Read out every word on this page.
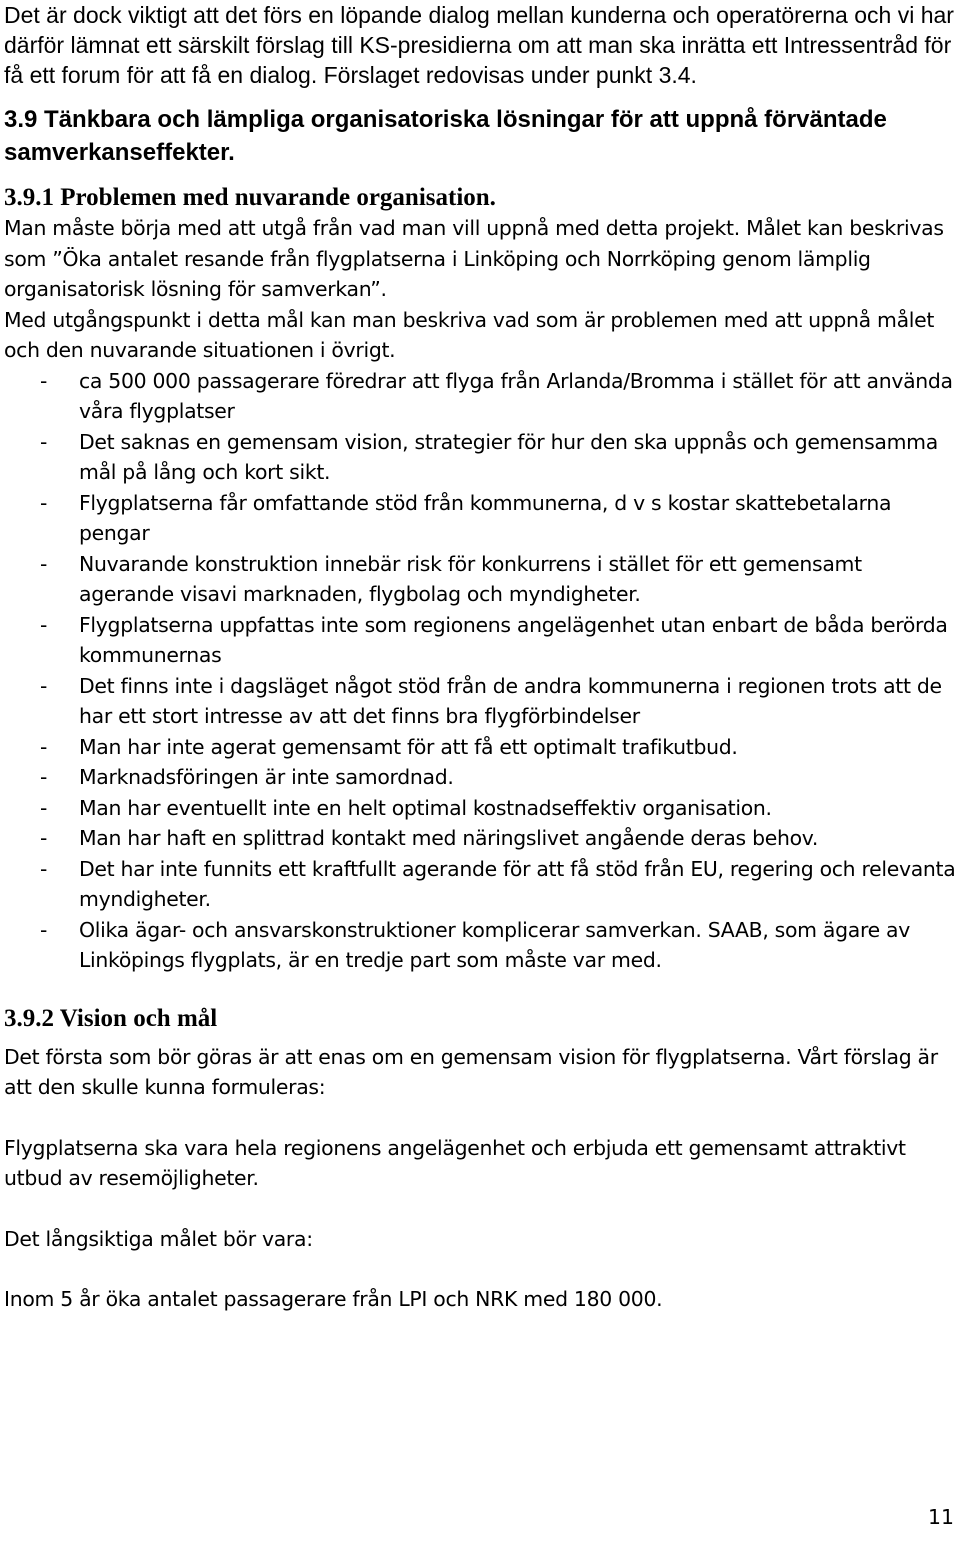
Det är dock viktigt att det förs en löpande dialog mellan kunderna och operatörerna och vi har därför lämnat ett särskilt förslag till KS-presidierna om att man ska inrätta ett Intressentråd för få ett forum för att få en dialog. Förslaget redovisas under punkt 3.4.

3.9 Tänkbara och lämpliga organisatoriska lösningar för att uppnå förväntade samverkanseffekter.
3.9.1 Problemen med nuvarande organisation.

Man måste börja med att utgå från vad man vill uppnå med detta projekt. Målet kan beskrivas som ”Öka antalet resande från flygplatserna i Linköping och Norrköping genom lämplig organisatorisk lösning för samverkan”.

Med utgångspunkt i detta mål kan man beskriva vad som är problemen med att uppnå målet och den nuvarande situationen i övrigt.

- ca 500 000 passagerare föredrar att flyga från Arlanda/Bromma i stället för att använda våra flygplatser
- Det saknas en gemensam vision, strategier för hur den ska uppnås och gemensamma mål på lång och kort sikt.
- Flygplatserna får omfattande stöd från kommunerna, d v s kostar skattebetalarna pengar
- Nuvarande konstruktion innebär risk för konkurrens i stället för ett gemensamt agerande visavi marknaden, flygbolag och myndigheter.
- Flygplatserna uppfattas inte som regionens angelägenhet utan enbart de båda berörda kommunernas
- Det finns inte i dagsläget något stöd från de andra kommunerna i regionen trots att de har ett stort intresse av att det finns bra flygförbindelser
- Man har inte agerat gemensamt för att få ett optimalt trafikutbud.
- Marknadsföringen är inte samordnad.
- Man har eventuellt inte en helt optimal kostnadseffektiv organisation.
- Man har haft en splittrad kontakt med näringslivet angående deras behov.
- Det har inte funnits ett kraftfullt agerande för att få stöd från EU, regering och relevanta myndigheter.
- Olika ägar- och ansvarskonstruktioner komplicerar samverkan. SAAB, som ägare av Linköpings flygplats, är en tredje part som måste var med.
3.9.2 Vision och mål

Det första som bör göras är att enas om en gemensam vision för flygplatserna. Vårt förslag är att den skulle kunna formuleras:

Flygplatserna ska vara hela regionens angelägenhet och erbjuda ett gemensamt attraktivt utbud av resemöjligheter.

Det långsiktiga målet bör vara:

Inom 5 år öka antalet passagerare från LPI och NRK med 180 000.

11
